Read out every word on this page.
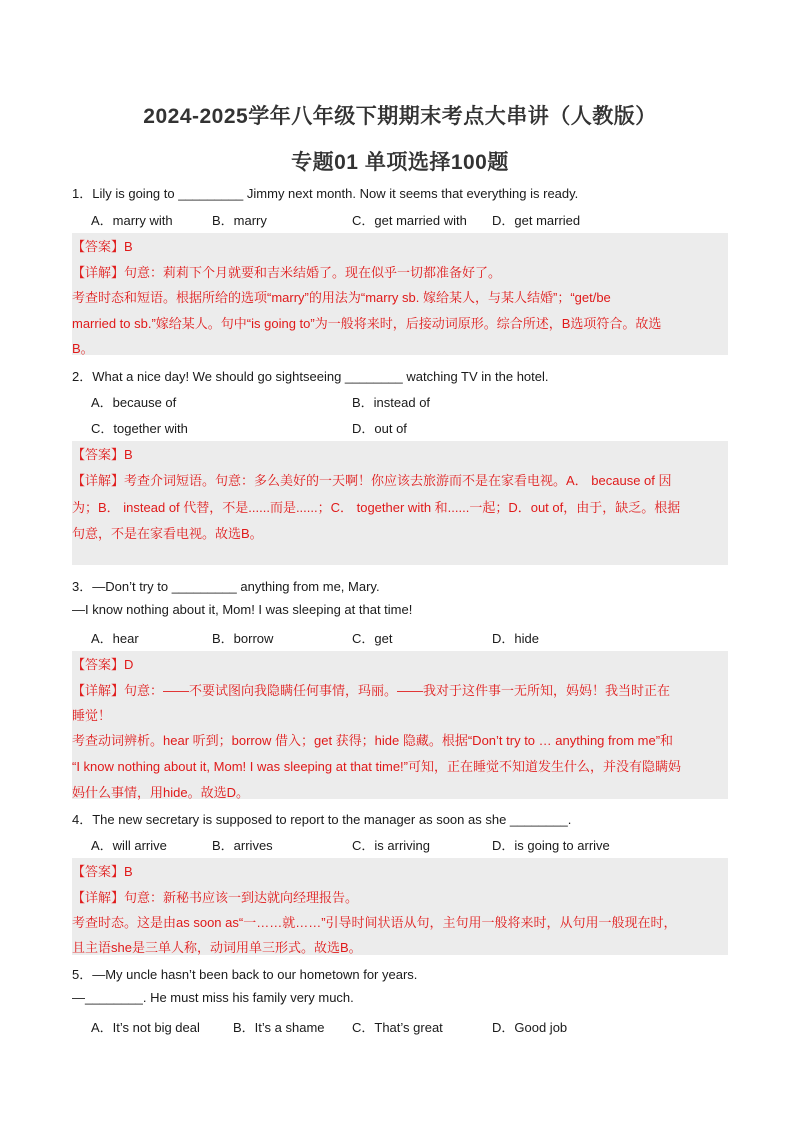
2024-2025学年八年级下期期末考点大串讲（人教版）
专题01 单项选择100题
1．Lily is going to _________ Jimmy next month. Now it seems that everything is ready.
A．marry with	B．marry	C．get married with D．get married
【答案】B
【详解】句意：莉莉下个月就要和吉米结婚了。现在似乎一切都准备好了。
考查时态和短语。根据所给的选项“marry”的用法为“marry sb. 嫁给某人，与某人结婚”；“get/be
married to sb.”嫁给某人。句中“is going to”为一般将来时，后接动词原形。综合所述，B选项符合。故选
B。
2．What a nice day! We should go sightseeing ________ watching TV in the hotel.
A．because of	B．instead of
C．together with	D．out of
【答案】B
【详解】考查介词短语。句意：多么美好的一天啊！你应该去旅游而不是在家看电视。A． because of 因
为；B． instead of 代替，不是......而是......；C． together with 和......一起；D．out of，由于，缺乏。根据
句意，不是在家看电视。故选B。
3．—Don’t try to _________ anything from me, Mary.
—I know nothing about it, Mom! I was sleeping at that time!
A．hear	B．borrow	C．get	D．hide
【答案】D
【详解】句意：——不要试图向我隐瞒任何事情，玛丽。——我对于这件事一无所知，妈妈！我当时正在
睡觉！
考查动词辨析。hear 听到；borrow 借入；get 获得；hide 隐藏。根据“Don’t try to … anything from me”和
“I know nothing about it, Mom! I was sleeping at that time!”可知，正在睡觉不知道发生什么，并没有隐瞒妈
妈什么事情，用hide。故选D。
4．The new secretary is supposed to report to the manager as soon as she ________.
A．will arrive	B．arrives	C．is arriving	D．is going to arrive
【答案】B
【详解】句意：新秘书应该一到达就向经理报告。
考查时态。这是由as soon as“一……就……”引导时间状语从句，主句用一般将来时，从句用一般现在时，
且主语she是三单人称，动词用单三形式。故选B。
5．—My uncle hasn’t been back to our hometown for years.
—________. He must miss his family very much.
A．It’s not big deal	B．It’s a shame C．That’s great	D．Good job
